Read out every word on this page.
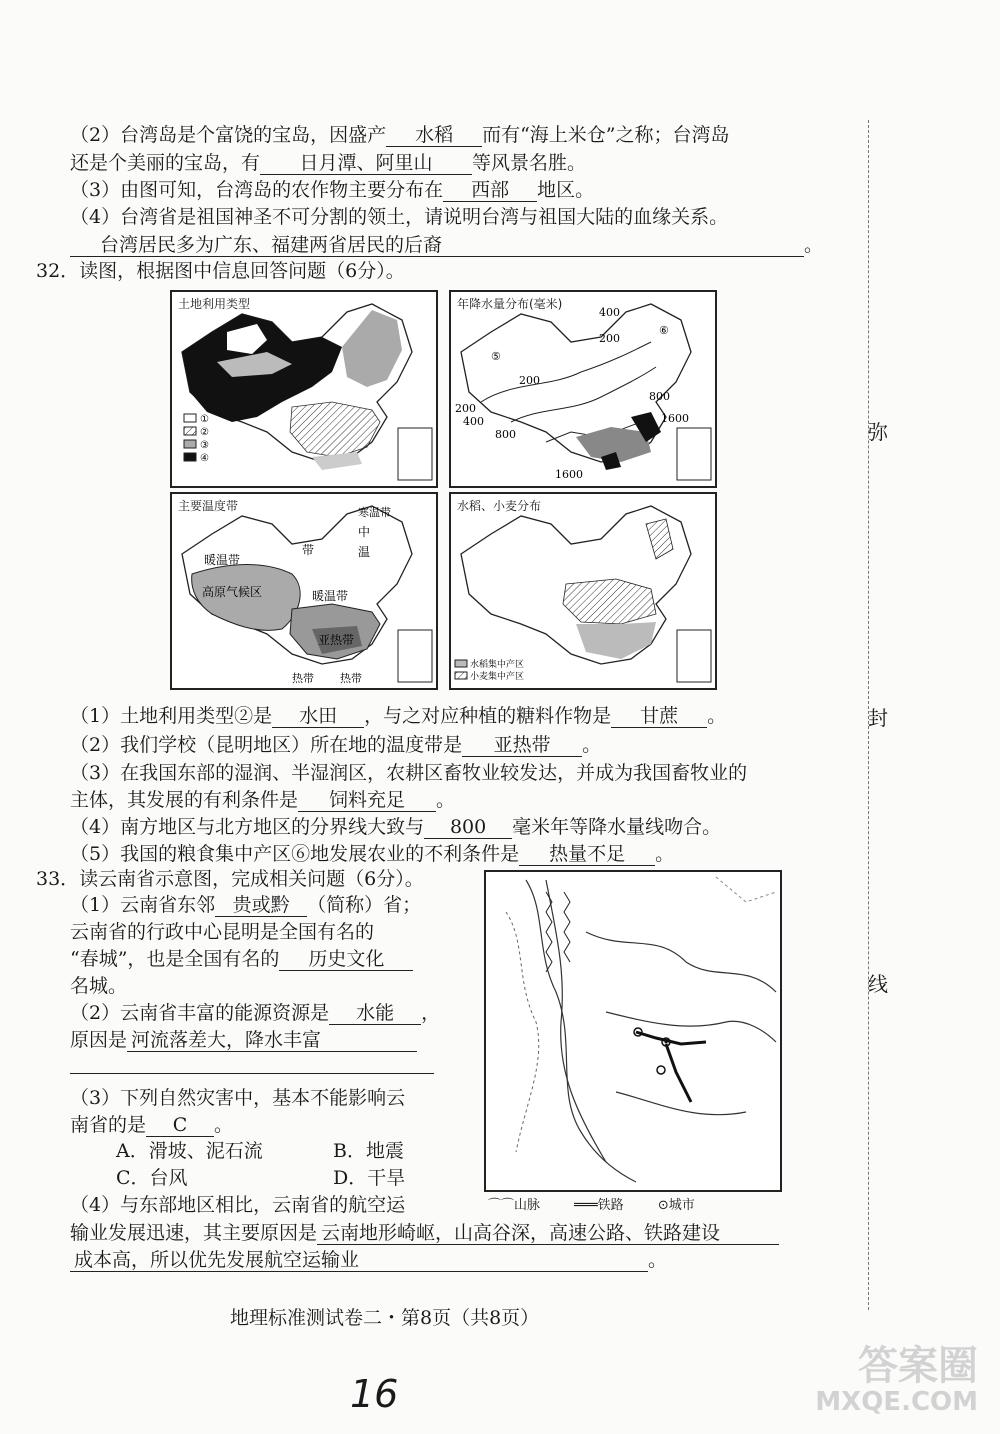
（2）台湾岛是个富饶的宝岛，因盛产 水稻 而有“海上米仓”之称；台湾岛
还是个美丽的宝岛，有 日月潭、阿里山 等风景名胜。
（3）由图可知，台湾岛的农作物主要分布在 西部 地区。
（4）台湾省是祖国神圣不可分割的领土，请说明台湾与祖国大陆的血缘关系。
台湾居民多为广东、福建两省居民的后裔	。
32．读图，根据图中信息回答问题（6分）。
土地利用类型
①
②
③
④
年降水量分布(毫米)
400
200
200
200
400
800
800
1600
1600
⑤
⑥
主要温度带	寒温带
中
温
带
暖温带
高原气候区	暖温带
亚热带
热带 热带
水稻、小麦分布
水稻集中产区
小麦集中产区
（1）土地利用类型②是 水田 ，与之对应种植的糖料作物是 甘蔗 。
（2）我们学校（昆明地区）所在地的温度带是 亚热带 。
（3）在我国东部的湿润、半湿润区，农耕区畜牧业较发达，并成为我国畜牧业的
主体，其发展的有利条件是 饲料充足 。
（4）南方地区与北方地区的分界线大致与 800 毫米年等降水量线吻合。
（5）我国的粮食集中产区⑥地发展农业的不利条件是 热量不足 。
33．读云南省示意图，完成相关问题（6分）。
（1）云南省东邻 贵或黔 （简称）省；
云南省的行政中心昆明是全国有名的
“春城”，也是全国有名的 历史文化
名城。
（2）云南省丰富的能源资源是 水能 ，
原因是 河流落差大，降水丰富
（3）下列自然灾害中，基本不能影响云
南省的是 C 。
A．滑坡、泥石流	B．地震
C．台风	D．干旱
（4）与东部地区相比，云南省的航空运
输业发展迅速，其主要原因是 云南地形崎岖，山高谷深，高速公路、铁路建设
成本高，所以优先发展航空运输业	。
⌒⌒山脉	═══铁路	⊙城市
地理标准测试卷二・第8页（共8页）
16
弥
封
线
答案圈
MXQE.COM
